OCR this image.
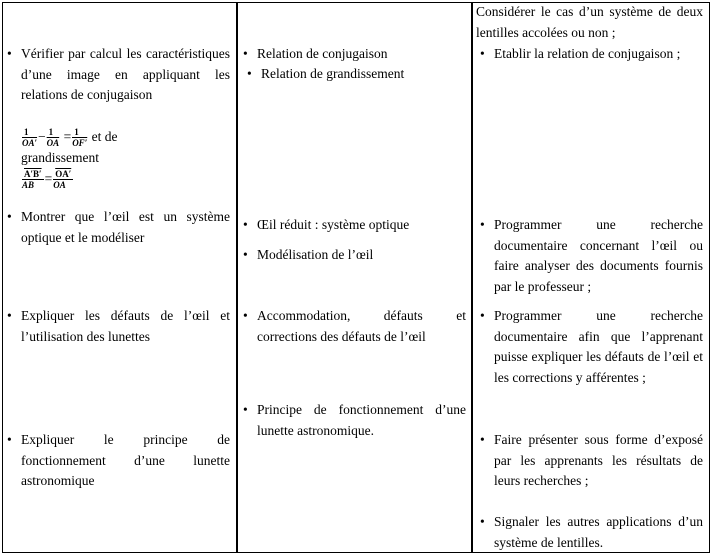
• Vérifier par calcul les caractéristiques d’une image en appliquant les relations de conjugaison
$\frac{1}{OA'} - \frac{1}{OA} = \frac{1}{OF'}$ et de
grandissement

$\frac{A'B'}{AB} = \frac{OA'}{OA}$
• Montrer que l’œil est un système optique et le modéliser
• Expliquer les défauts de l’œil et l’utilisation des lunettes
• Expliquer le principe de fonctionnement d’une lunette astronomique
• Relation de conjugaison
• Relation de grandissement
• Œil réduit : système optique
• Modélisation de l’œil
• Accommodation, défauts et corrections des défauts de l’œil
• Principe de fonctionnement d’une lunette astronomique.
Considérer le cas d’un système de deux lentilles accolées ou non ;
• Etablir la relation de conjugaison ;
• Programmer une recherche documentaire concernant l’œil ou faire analyser des documents fournis par le professeur ;
• Programmer une recherche documentaire afin que l’apprenant puisse expliquer les défauts de l’œil et les corrections y afférentes ;
• Faire présenter sous forme d’exposé par les apprenants les résultats de leurs recherches ;
• Signaler les autres applications d’un système de lentilles.
